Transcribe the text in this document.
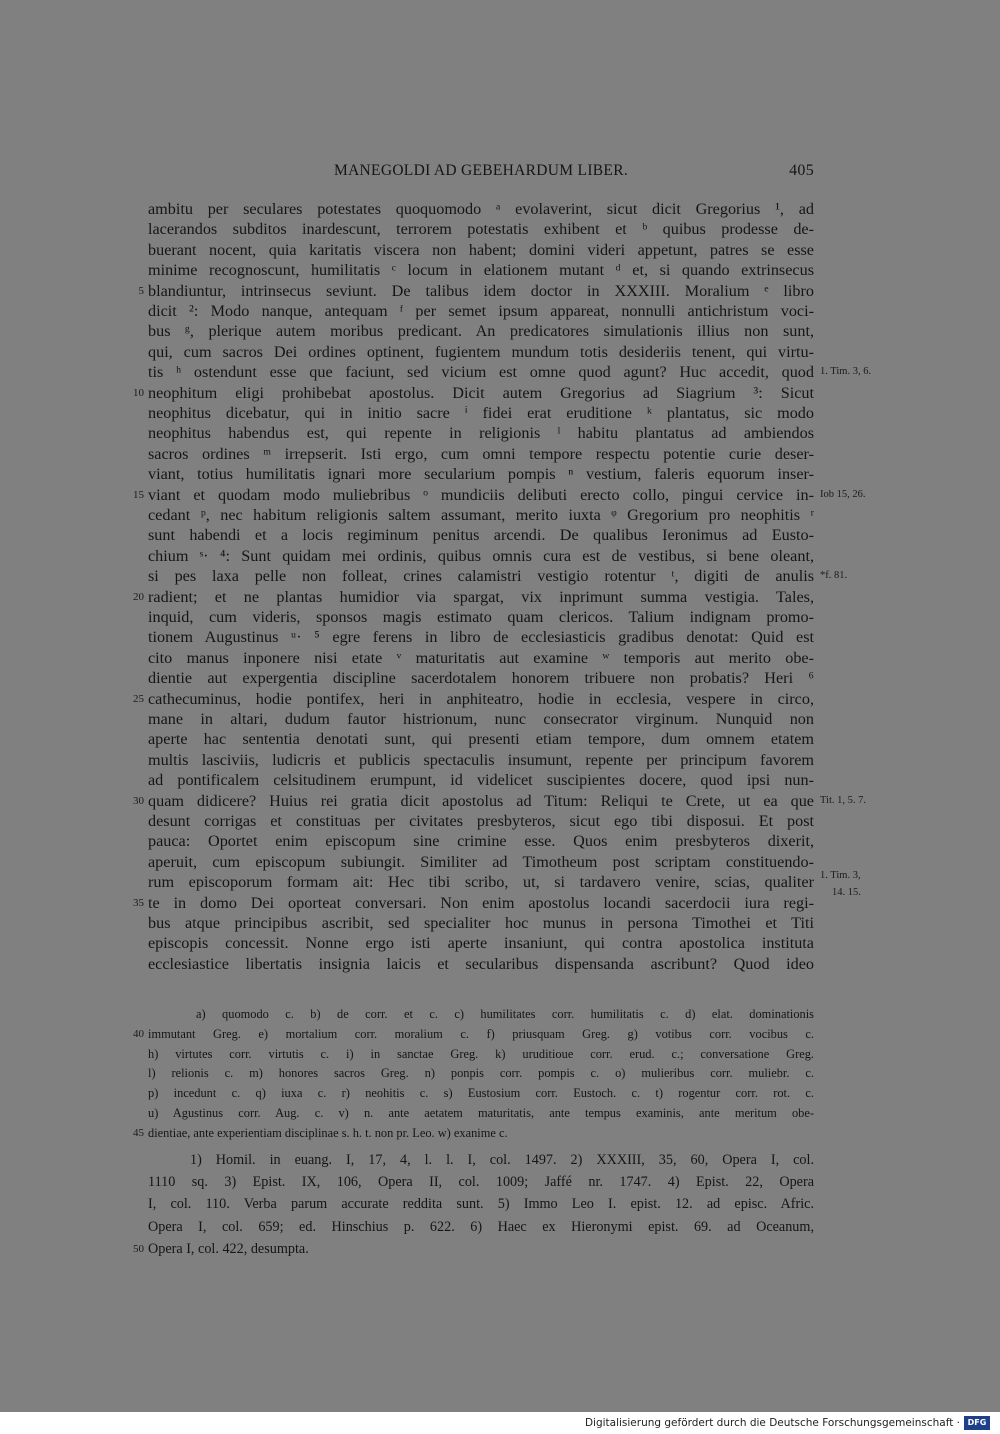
MANEGOLDI AD GEBEHARDUM LIBER.	405
ambitu per seculares potestates quoquomodo ᵃ evolaverint, sicut dicit Gregorius ¹, ad
lacerandos subditos inardescunt, terrorem potestatis exhibent et ᵇ quibus prodesse de-
buerant nocent, quia karitatis viscera non habent; domini videri appetunt, patres se esse
minime recognoscunt, humilitatis ᶜ locum in elationem mutant ᵈ et, si quando extrinsecus
blandiuntur, intrinsecus seviunt. De talibus idem doctor in XXXIII. Moralium ᵉ libro
dicit ²: Modo nanque, antequam ᶠ per semet ipsum appareat, nonnulli antichristum voci-
bus ᵍ, plerique autem moribus predicant. An predicatores simulationis illius non sunt,
qui, cum sacros Dei ordines optinent, fugientem mundum totis desideriis tenent, qui virtu-
tis ʰ ostendunt esse que faciunt, sed vicium est omne quod agunt? Huc accedit, quod
neophitum eligi prohibebat apostolus. Dicit autem Gregorius ad Siagrium ³: Sicut
neophitus dicebatur, qui in initio sacre ⁱ fidei erat eruditione ᵏ plantatus, sic modo
neophitus habendus est, qui repente in religionis ˡ habitu plantatus ad ambiendos
sacros ordines ᵐ irrepserit. Isti ergo, cum omni tempore respectu potentie curie deser-
viant, totius humilitatis ignari more secularium pompis ⁿ vestium, faleris equorum inser-
viant et quodam modo muliebribus ᵒ mundiciis delibuti erecto collo, pingui cervice in-
cedant ᵖ, nec habitum religionis saltem assumant, merito iuxta ᵠ Gregorium pro neophitis ʳ
sunt habendi et a locis regiminum penitus arcendi. De qualibus Ieronimus ad Eusto-
chium ˢ· ⁴: Sunt quidam mei ordinis, quibus omnis cura est de vestibus, si bene oleant,
si pes laxa pelle non folleat, crines calamistri vestigio rotentur ᵗ, digiti de anulis
radient; et ne plantas humidior via spargat, vix inprimunt summa vestigia. Tales,
inquid, cum videris, sponsos magis estimato quam clericos. Talium indignam promo-
tionem Augustinus ᵘ· ⁵ egre ferens in libro de ecclesiasticis gradibus denotat: Quid est
cito manus inponere nisi etate ᵛ maturitatis aut examine ʷ temporis aut merito obe-
dientie aut expergentia discipline sacerdotalem honorem tribuere non probatis? Heri ⁶
cathecuminus, hodie pontifex, heri in anphiteatro, hodie in ecclesia, vespere in circo,
mane in altari, dudum fautor histrionum, nunc consecrator virginum. Nunquid non
aperte hac sententia denotati sunt, qui presenti etiam tempore, dum omnem etatem
multis lasciviis, ludicris et publicis spectaculis insumunt, repente per principum favorem
ad pontificalem celsitudinem erumpunt, id videlicet suscipientes docere, quod ipsi nun-
quam didicere? Huius rei gratia dicit apostolus ad Titum: Reliqui te Crete, ut ea que
desunt corrigas et constituas per civitates presbyteros, sicut ego tibi disposui. Et post
pauca: Oportet enim episcopum sine crimine esse. Quos enim presbyteros dixerit,
aperuit, cum episcopum subiungit. Similiter ad Timotheum post scriptam constituendo-
rum episcoporum formam ait: Hec tibi scribo, ut, si tardavero venire, scias, qualiter
te in domo Dei oporteat conversari. Non enim apostolus locandi sacerdocii iura regi-
bus atque principibus ascribit, sed specialiter hoc munus in persona Timothei et Titi
episcopis concessit. Nonne ergo isti aperte insaniunt, qui contra apostolica instituta
ecclesiastice libertatis insignia laicis et secularibus dispensanda ascribunt? Quod ideo
5
10
15
20
25
30
35
1. Tim. 3, 6.
Iob 15, 26.
*f. 81.
Tit. 1, 5. 7.
1. Tim. 3,
14. 15.
a) quomodo c. b) de corr. et c. c) humilitates corr. humilitatis c. d) elat. dominationis
immutant Greg. e) mortalium corr. moralium c. f) priusquam Greg. g) votibus corr. vocibus c.
h) virtutes corr. virtutis c. i) in sanctae Greg. k) uruditioue corr. erud. c.; conversatione Greg.
l) relionis c. m) honores sacros Greg. n) ponpis corr. pompis c. o) mulieribus corr. muliebr. c.
p) incedunt c. q) iuxa c. r) neohitis c. s) Eustosium corr. Eustoch. c. t) rogentur corr. rot. c.
u) Agustinus corr. Aug. c. v) n. ante aetatem maturitatis, ante tempus examinis, ante meritum obe-
dientiae, ante experientiam disciplinae s. h. t. non pr. Leo. w) exanime c.
40
45
1) Homil. in euang. I, 17, 4, l. l. I, col. 1497. 2) XXXIII, 35, 60, Opera I, col.
1110 sq. 3) Epist. IX, 106, Opera II, col. 1009; Jaffé nr. 1747. 4) Epist. 22, Opera
I, col. 110. Verba parum accurate reddita sunt. 5) Immo Leo I. epist. 12. ad episc. Afric.
Opera I, col. 659; ed. Hinschius p. 622. 6) Haec ex Hieronymi epist. 69. ad Oceanum,
Opera I, col. 422, desumpta.
50
Digitalisierung gefördert durch die Deutsche Forschungsgemeinschaft · DFG
